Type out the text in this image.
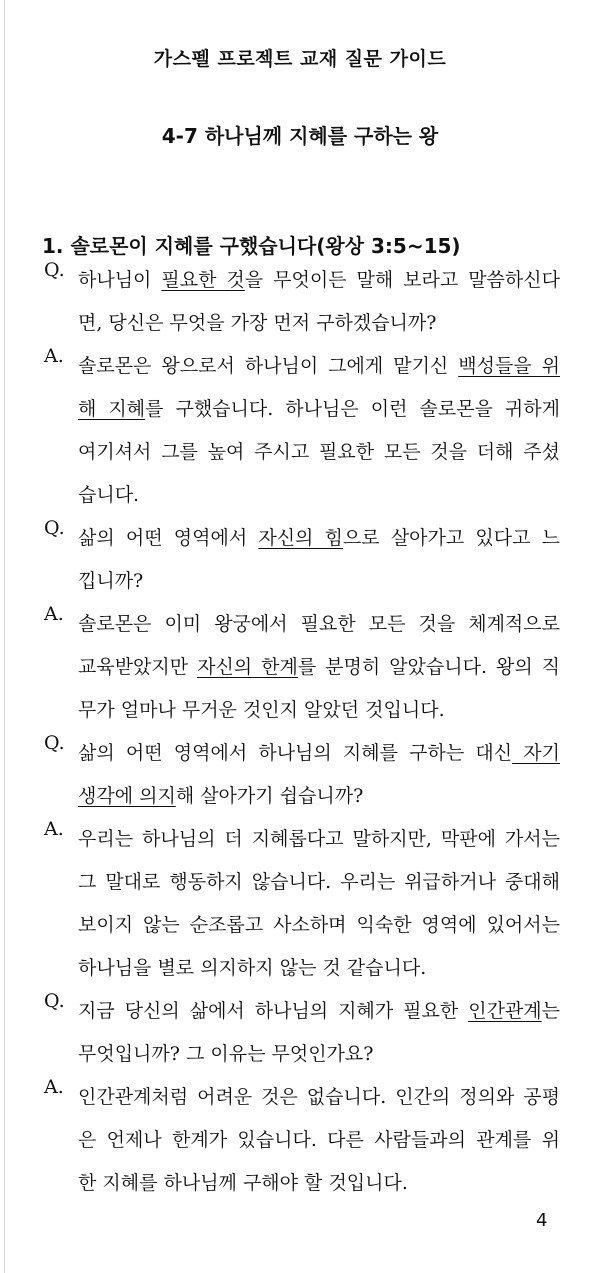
가스펠 프로젝트 교재 질문 가이드
4-7 하나님께 지혜를 구하는 왕
1. 솔로몬이 지혜를 구했습니다(왕상 3:5~15)
Q. 하나님이 필요한 것을 무엇이든 말해 보라고 말씀하신다
면, 당신은 무엇을 가장 먼저 구하겠습니까?
A. 솔로몬은 왕으로서 하나님이 그에게 맡기신 백성들을 위
해 지혜를 구했습니다. 하나님은 이런 솔로몬을 귀하게
여기셔서 그를 높여 주시고 필요한 모든 것을 더해 주셨
습니다.
Q. 삶의 어떤 영역에서 자신의 힘으로 살아가고 있다고 느
낍니까?
A. 솔로몬은 이미 왕궁에서 필요한 모든 것을 체계적으로
교육받았지만 자신의 한계를 분명히 알았습니다. 왕의 직
무가 얼마나 무거운 것인지 알았던 것입니다.
Q. 삶의 어떤 영역에서 하나님의 지혜를 구하는 대신 자기
생각에 의지해 살아가기 쉽습니까?
A. 우리는 하나님의 더 지혜롭다고 말하지만, 막판에 가서는
그 말대로 행동하지 않습니다. 우리는 위급하거나 중대해
보이지 않는 순조롭고 사소하며 익숙한 영역에 있어서는
하나님을 별로 의지하지 않는 것 같습니다.
Q. 지금 당신의 삶에서 하나님의 지혜가 필요한 인간관계는
무엇입니까? 그 이유는 무엇인가요?
A. 인간관계처럼 어려운 것은 없습니다. 인간의 정의와 공평
은 언제나 한계가 있습니다. 다른 사람들과의 관계를 위
한 지혜를 하나님께 구해야 할 것입니다.
4
